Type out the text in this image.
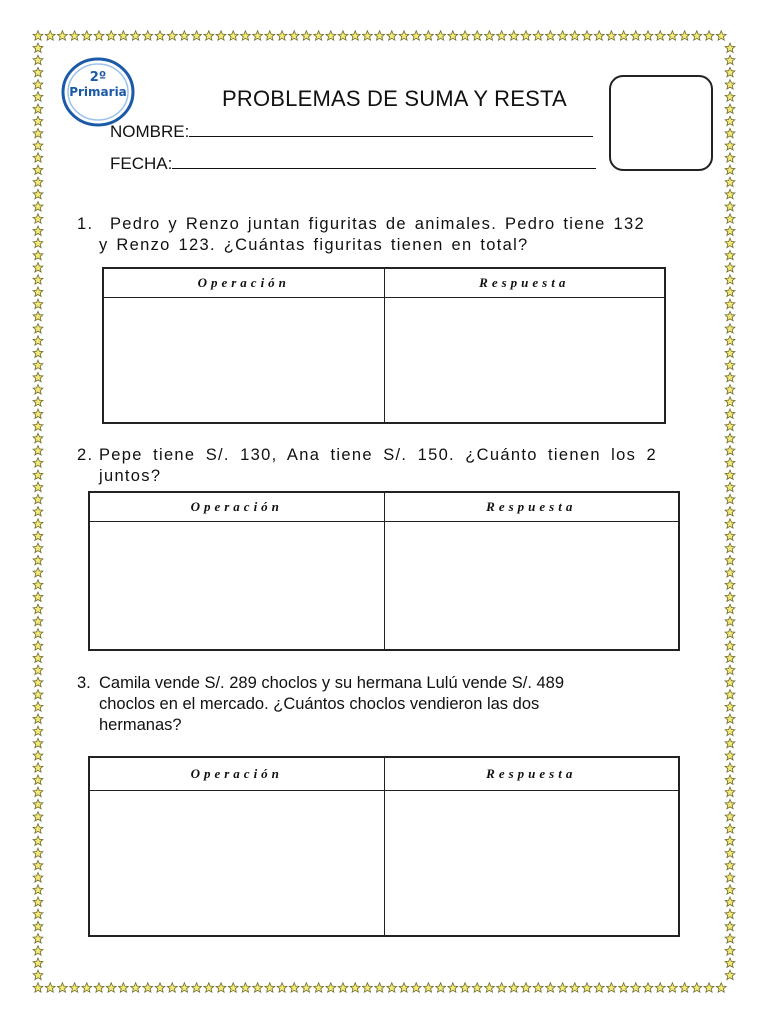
2º
Primaria	PROBLEMAS DE SUMA Y RESTA
NOMBRE:
FECHA:
1.	Pedro y Renzo juntan figuritas de animales. Pedro tiene 132 y Renzo 123. ¿Cuántas figuritas tienen en total?
Operación	Respuesta

2. Pepe tiene S/. 130, Ana tiene S/. 150. ¿Cuánto tienen los 2 juntos?
Operación	Respuesta

3. Camila vende S/. 289 choclos y su hermana Lulú vende S/. 489 choclos en el mercado. ¿Cuántos choclos vendieron las dos hermanas?
Operación	Respuesta
